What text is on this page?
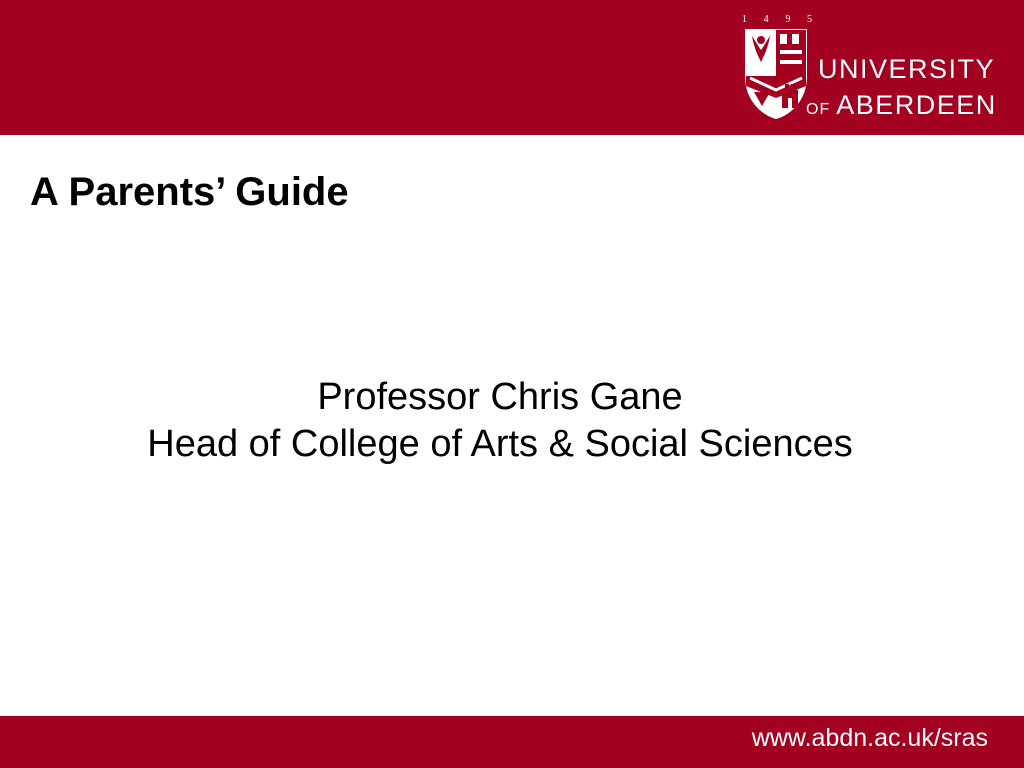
1 4 9 5
UNIVERSITY
OF ABERDEEN
A Parents’ Guide
Professor Chris Gane
Head of College of Arts & Social Sciences
www.abdn.ac.uk/sras
